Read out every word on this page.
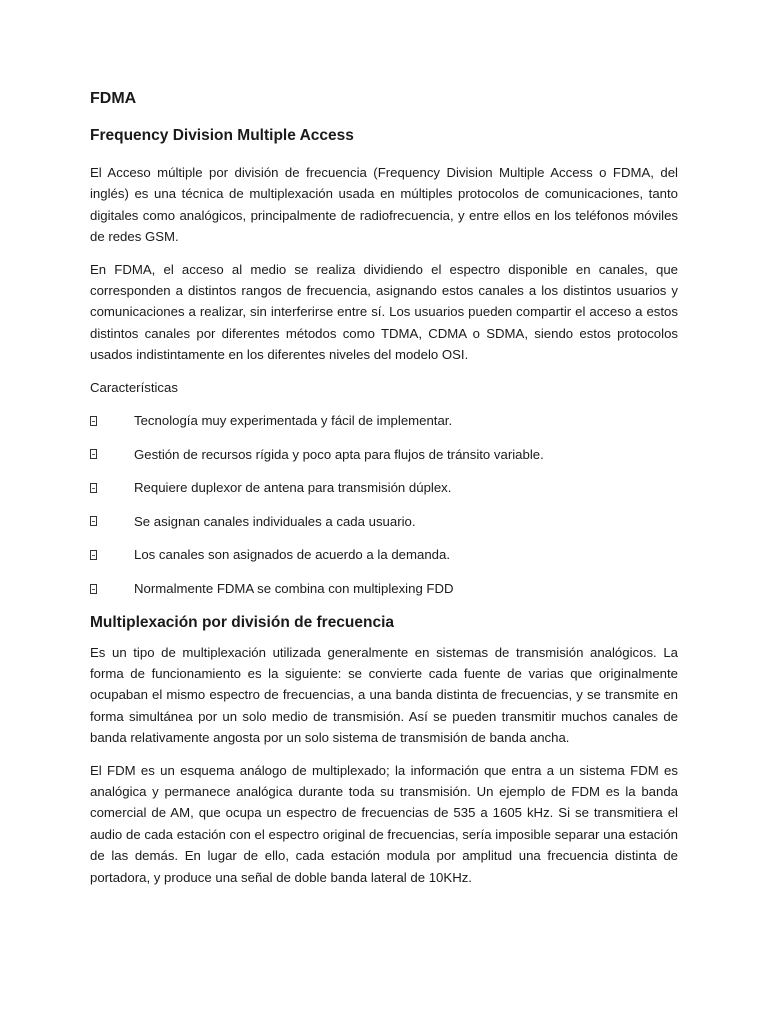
FDMA
Frequency Division Multiple Access

El Acceso múltiple por división de frecuencia (Frequency Division Multiple Access o FDMA, del inglés) es una técnica de multiplexación usada en múltiples protocolos de comunicaciones, tanto digitales como analógicos, principalmente de radiofrecuencia, y entre ellos en los teléfonos móviles de redes GSM.

En FDMA, el acceso al medio se realiza dividiendo el espectro disponible en canales, que corresponden a distintos rangos de frecuencia, asignando estos canales a los distintos usuarios y comunicaciones a realizar, sin interferirse entre sí. Los usuarios pueden compartir el acceso a estos distintos canales por diferentes métodos como TDMA, CDMA o SDMA, siendo estos protocolos usados indistintamente en los diferentes niveles del modelo OSI.

Características
Tecnología muy experimentada y fácil de implementar.
Gestión de recursos rígida y poco apta para flujos de tránsito variable.
Requiere duplexor de antena para transmisión dúplex.
Se asignan canales individuales a cada usuario.
Los canales son asignados de acuerdo a la demanda.
Normalmente FDMA se combina con multiplexing FDD
Multiplexación por división de frecuencia

Es un tipo de multiplexación utilizada generalmente en sistemas de transmisión analógicos. La forma de funcionamiento es la siguiente: se convierte cada fuente de varias que originalmente ocupaban el mismo espectro de frecuencias, a una banda distinta de frecuencias, y se transmite en forma simultánea por un solo medio de transmisión. Así se pueden transmitir muchos canales de banda relativamente angosta por un solo sistema de transmisión de banda ancha.

El FDM es un esquema análogo de multiplexado; la información que entra a un sistema FDM es analógica y permanece analógica durante toda su transmisión. Un ejemplo de FDM es la banda comercial de AM, que ocupa un espectro de frecuencias de 535 a 1605 kHz. Si se transmitiera el audio de cada estación con el espectro original de frecuencias, sería imposible separar una estación de las demás. En lugar de ello, cada estación modula por amplitud una frecuencia distinta de portadora, y produce una señal de doble banda lateral de 10KHz.
